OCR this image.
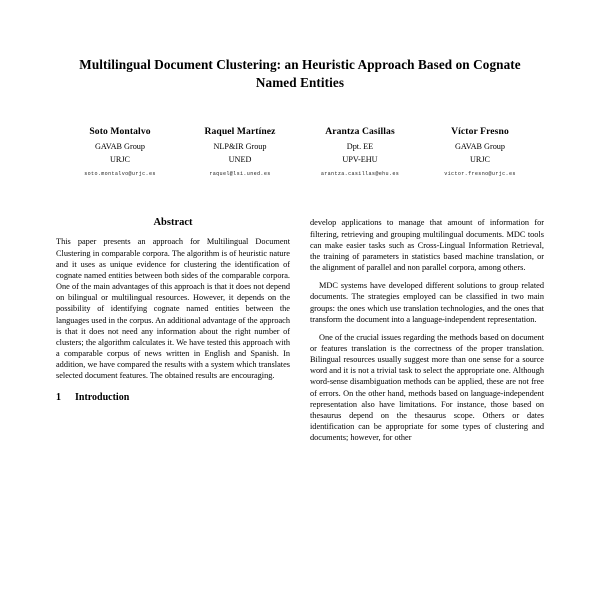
Multilingual Document Clustering: an Heuristic Approach Based on Cognate Named Entities
Soto Montalvo
GAVAB Group
URJC
soto.montalvo@urjc.es
Raquel Martínez
NLP&IR Group
UNED
raquel@lsi.uned.es
Arantza Casillas
Dpt. EE
UPV-EHU
arantza.casillas@ehu.es
Víctor Fresno
GAVAB Group
URJC
victor.fresno@urjc.es
Abstract

This paper presents an approach for Multilingual Document Clustering in comparable corpora. The algorithm is of heuristic nature and it uses as unique evidence for clustering the identification of cognate named entities between both sides of the comparable corpora. One of the main advantages of this approach is that it does not depend on bilingual or multilingual resources. However, it depends on the possibility of identifying cognate named entities between the languages used in the corpus. An additional advantage of the approach is that it does not need any information about the right number of clusters; the algorithm calculates it. We have tested this approach with a comparable corpus of news written in English and Spanish. In addition, we have compared the results with a system which translates selected document features. The obtained results are encouraging.

1	Introduction

develop applications to manage that amount of information for filtering, retrieving and grouping multilingual documents. MDC tools can make easier tasks such as Cross-Lingual Information Retrieval, the training of parameters in statistics based machine translation, or the alignment of parallel and non parallel corpora, among others.

MDC systems have developed different solutions to group related documents. The strategies employed can be classified in two main groups: the ones which use translation technologies, and the ones that transform the document into a language-independent representation.

One of the crucial issues regarding the methods based on document or features translation is the correctness of the proper translation. Bilingual resources usually suggest more than one sense for a source word and it is not a trivial task to select the appropriate one. Although word-sense disambiguation methods can be applied, these are not free of errors. On the other hand, methods based on language-independent representation also have limitations. For instance, those based on thesaurus depend on the thesaurus scope. Others or dates identification can be appropriate for some types of clustering and documents; however, for other
